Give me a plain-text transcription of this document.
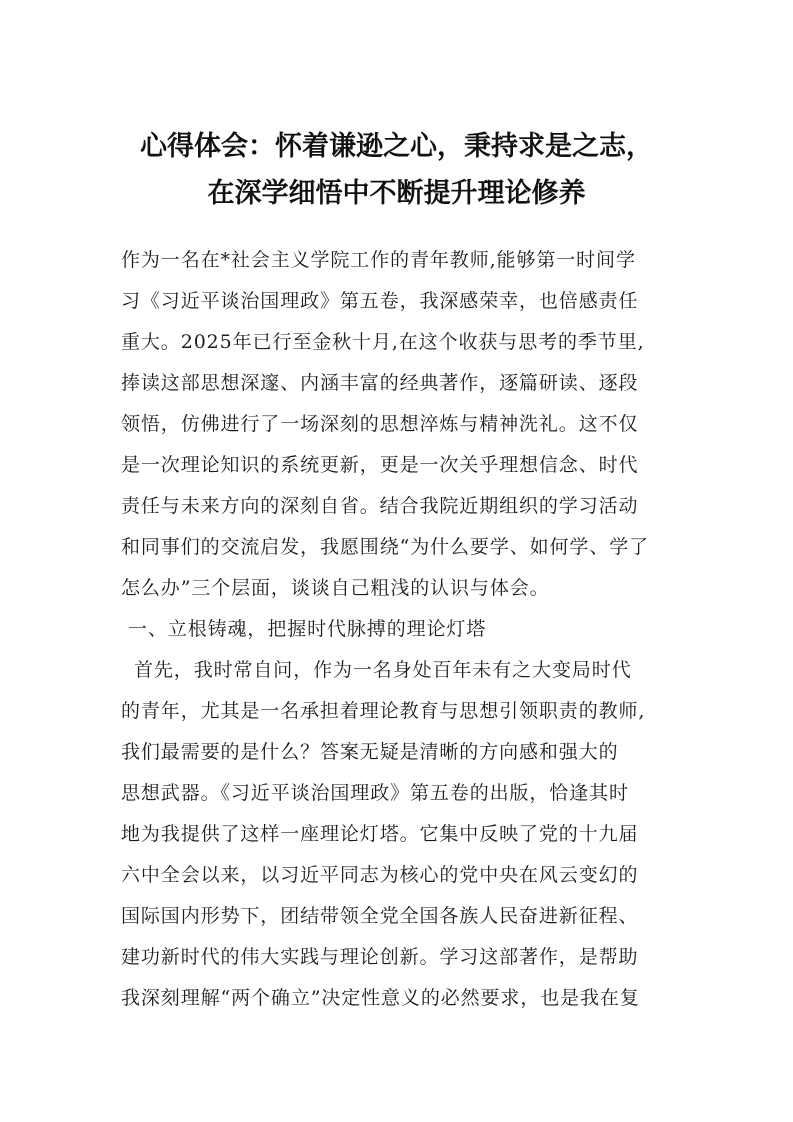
心得体会：怀着谦逊之心，秉持求是之志，
在深学细悟中不断提升理论修养
作为一名在*社会主义学院工作的青年教师,能够第一时间学
习《习近平谈治国理政》第五卷，我深感荣幸，也倍感责任
重大。2025年已行至金秋十月,在这个收获与思考的季节里,
捧读这部思想深邃、内涵丰富的经典著作，逐篇研读、逐段
领悟，仿佛进行了一场深刻的思想淬炼与精神洗礼。这不仅
是一次理论知识的系统更新，更是一次关乎理想信念、时代
责任与未来方向的深刻自省。结合我院近期组织的学习活动
和同事们的交流启发，我愿围绕“为什么要学、如何学、学了
怎么办”三个层面，谈谈自己粗浅的认识与体会。
一、立根铸魂，把握时代脉搏的理论灯塔
首先，我时常自问，作为一名身处百年未有之大变局时代
的青年，尤其是一名承担着理论教育与思想引领职责的教师,
我们最需要的是什么？答案无疑是清晰的方向感和强大的
思想武器。《习近平谈治国理政》第五卷的出版，恰逢其时
地为我提供了这样一座理论灯塔。它集中反映了党的十九届
六中全会以来，以习近平同志为核心的党中央在风云变幻的
国际国内形势下，团结带领全党全国各族人民奋进新征程、
建功新时代的伟大实践与理论创新。学习这部著作，是帮助
我深刻理解“两个确立”决定性意义的必然要求，也是我在复
